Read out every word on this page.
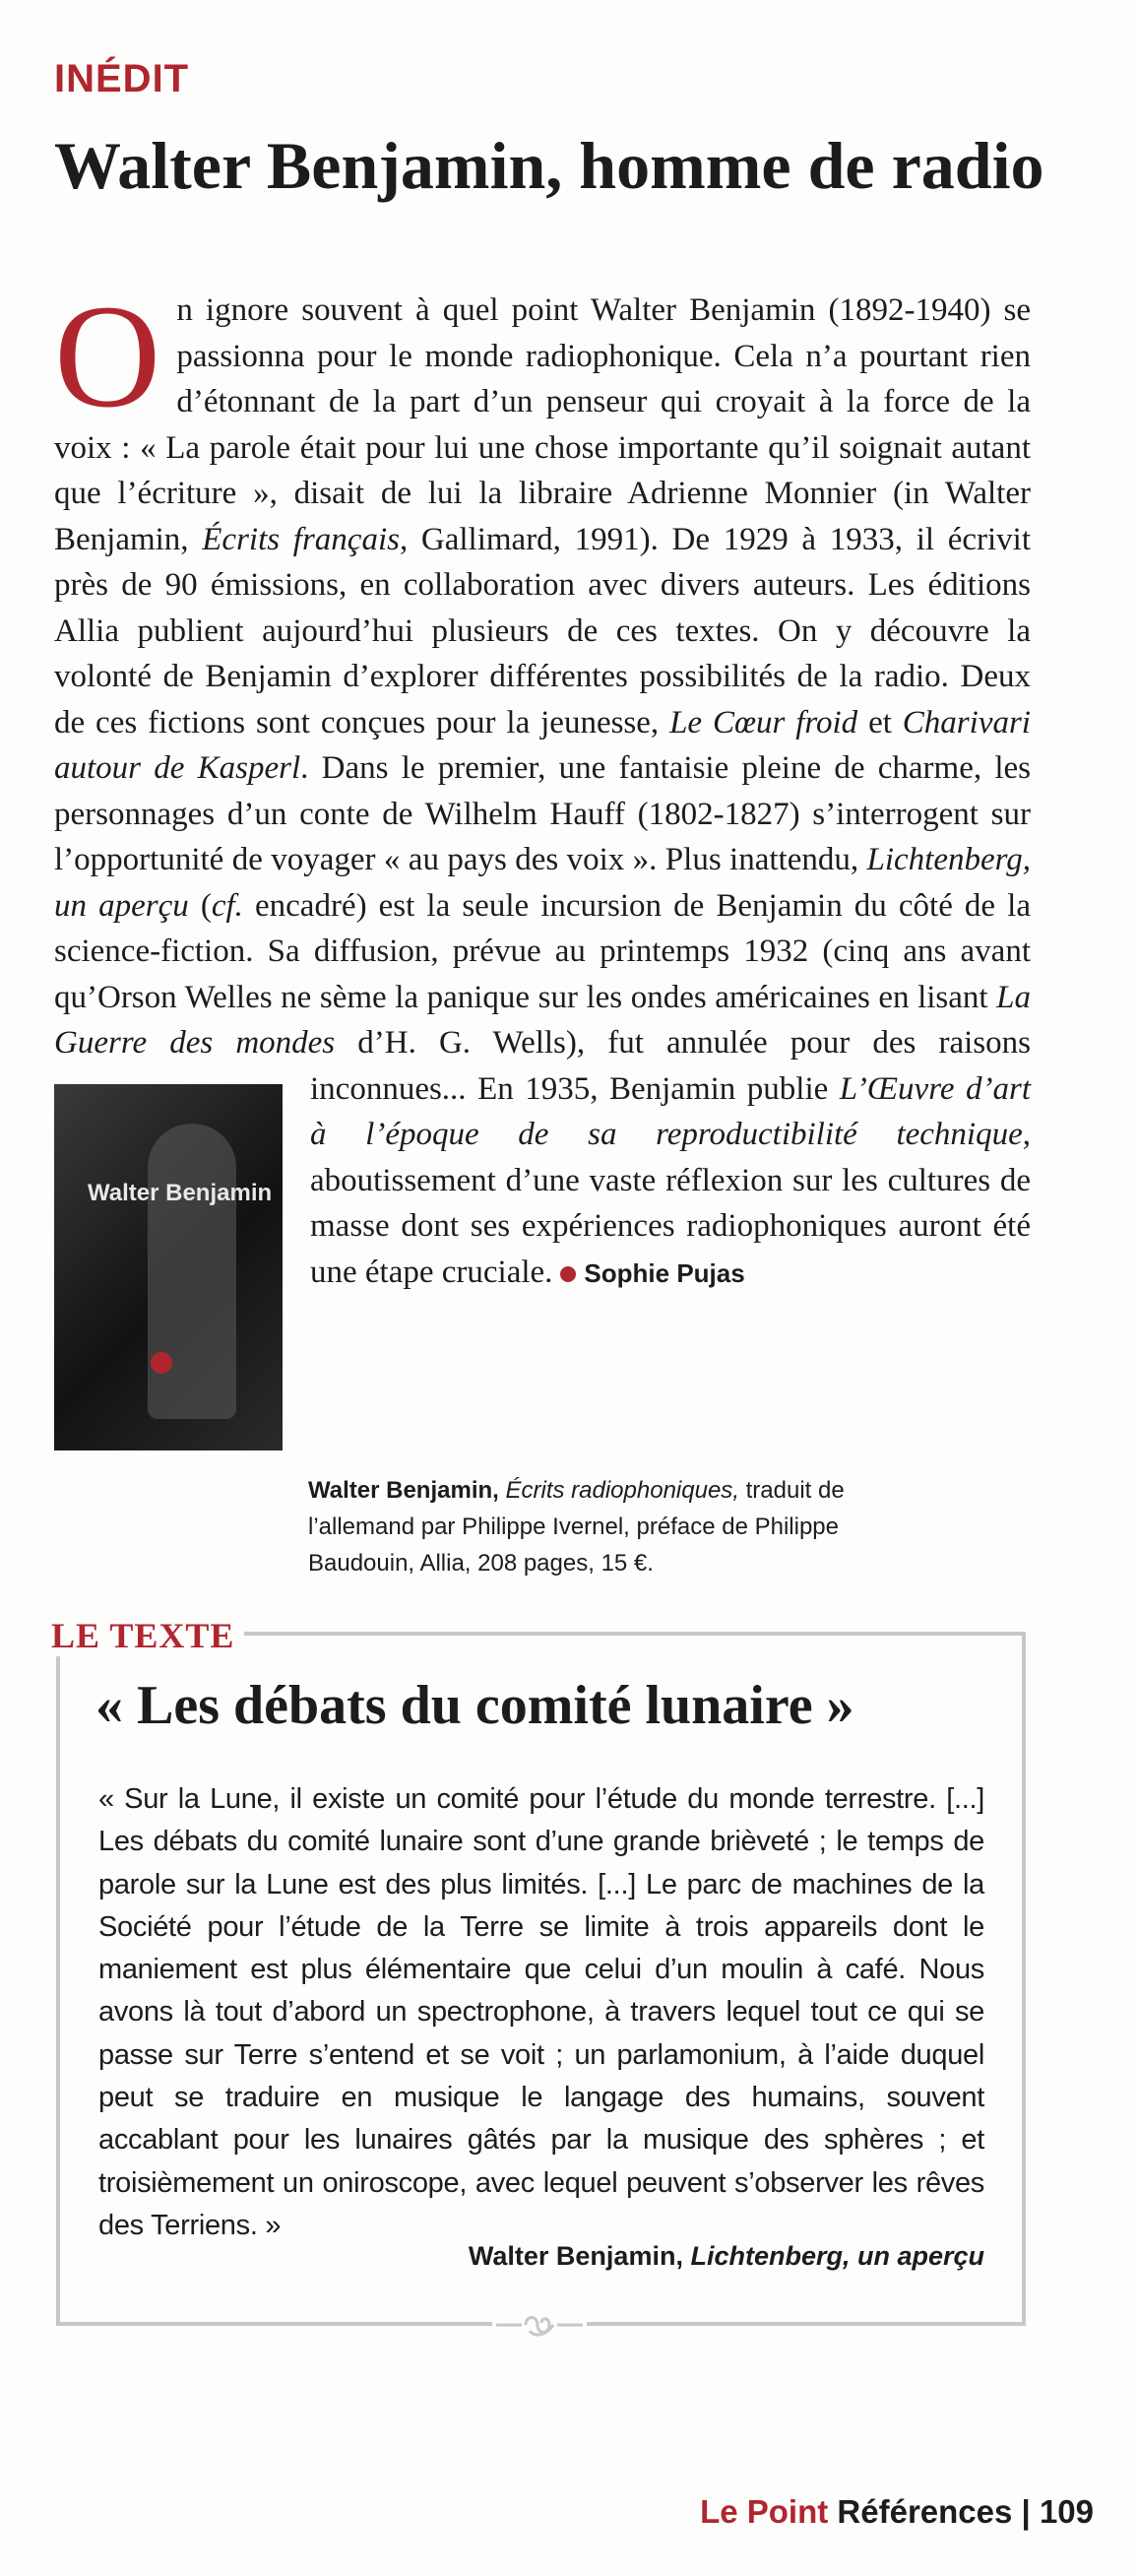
INÉDIT
Walter Benjamin, homme de radio
O n ignore souvent à quel point Walter Benjamin (1892-1940) se passionna pour le monde radiophonique. Cela n’a pourtant rien d’étonnant de la part d’un penseur qui croyait à la force de la voix : « La parole était pour lui une chose importante qu’il soignait autant que l’écriture », disait de lui la libraire Adrienne Monnier (in Walter Benjamin, Écrits français, Gallimard, 1991). De 1929 à 1933, il écrivit près de 90 émissions, en collaboration avec divers auteurs. Les éditions Allia publient aujourd’hui plusieurs de ces textes. On y découvre la volonté de Benjamin d’explorer différentes possibilités de la radio. Deux de ces fictions sont conçues pour la jeunesse, Le Cœur froid et Charivari autour de Kasperl. Dans le premier, une fantaisie pleine de charme, les personnages d’un conte de Wilhelm Hauff (1802-1827) s’interrogent sur l’opportunité de voyager « au pays des voix ». Plus inattendu, Lichtenberg, un aperçu (cf. encadré) est la seule incursion de Benjamin du côté de la science-fiction. Sa diffusion, prévue au printemps 1932 (cinq ans avant qu’Orson Welles ne sème la panique sur les ondes américaines en lisant La Guerre des mondes d’H. G. Wells), fut annulée pour des raisons inconnues... En 1935, Benjamin publie
Walter Benjamin
L’Œuvre d’art à l’époque de sa reproductibilité technique, aboutissement d’une vaste réflexion sur les cultures de masse dont ses expériences radiophoniques auront été une étape cruciale. Sophie Pujas

Walter Benjamin, Écrits radiophoniques, traduit de l’allemand par Philippe Ivernel, préface de Philippe Baudouin, Allia, 208 pages, 15 €.

LE TEXTE
« Les débats du comité lunaire »

« Sur la Lune, il existe un comité pour l’étude du monde terrestre. [...] Les débats du comité lunaire sont d’une grande brièveté ; le temps de parole sur la Lune est des plus limités. [...] Le parc de machines de la Société pour l’étude de la Terre se limite à trois appareils dont le maniement est plus élémentaire que celui d’un moulin à café. Nous avons là tout d’abord un spectrophone, à travers lequel tout ce qui se passe sur Terre s’entend et se voit ; un parlamonium, à l’aide duquel peut se traduire en musique le langage des humains, souvent accablant pour les lunaires gâtés par la musique des sphères ; et troisièmement un oniroscope, avec lequel peuvent s’observer les rêves des Terriens. »

Walter Benjamin, Lichtenberg, un aperçu

Le Point Références | 109
